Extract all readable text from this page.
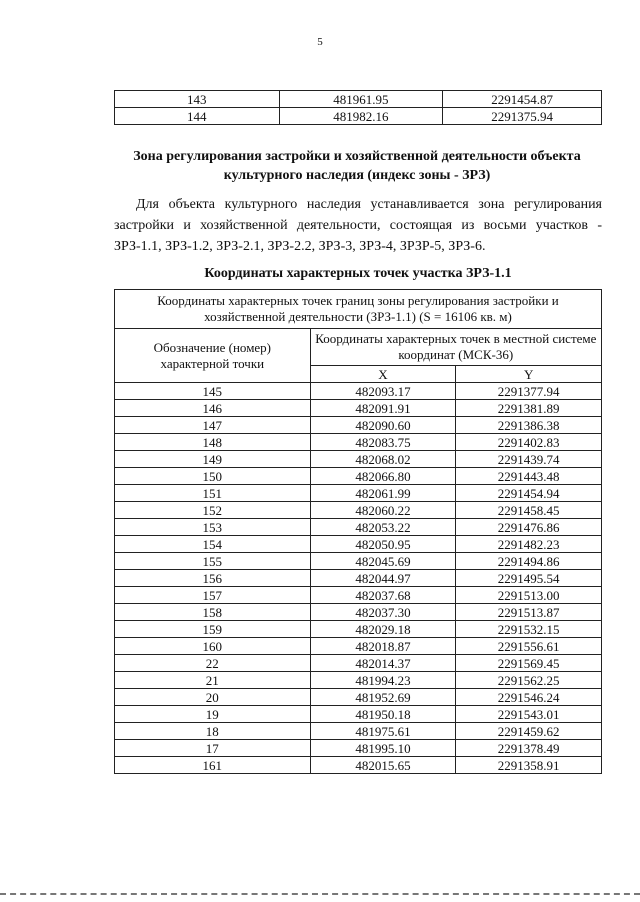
5
143	481961.95	2291454.87
144	481982.16	2291375.94
Зона регулирования застройки и хозяйственной деятельности объекта культурного наследия (индекс зоны - ЗРЗ)
Для объекта культурного наследия устанавливается зона регулирования застройки и хозяйственной деятельности, состоящая из восьми участков - ЗРЗ-1.1, ЗРЗ-1.2, ЗРЗ-2.1, ЗРЗ-2.2, ЗРЗ-3, ЗРЗ-4, ЗРЗР-5, ЗРЗ-6.
Координаты характерных точек участка ЗРЗ-1.1
Координаты характерных точек границ зоны регулирования застройки и хозяйственной деятельности (ЗРЗ-1.1) (S = 16106 кв. м)		
Обозначение (номер) характерной точки	Координаты характерных точек в местной системе координат (МСК-36)	
	X	Y
145	482093.17	2291377.94
146	482091.91	2291381.89
147	482090.60	2291386.38
148	482083.75	2291402.83
149	482068.02	2291439.74
150	482066.80	2291443.48
151	482061.99	2291454.94
152	482060.22	2291458.45
153	482053.22	2291476.86
154	482050.95	2291482.23
155	482045.69	2291494.86
156	482044.97	2291495.54
157	482037.68	2291513.00
158	482037.30	2291513.87
159	482029.18	2291532.15
160	482018.87	2291556.61
22	482014.37	2291569.45
21	481994.23	2291562.25
20	481952.69	2291546.24
19	481950.18	2291543.01
18	481975.61	2291459.62
17	481995.10	2291378.49
161	482015.65	2291358.91
